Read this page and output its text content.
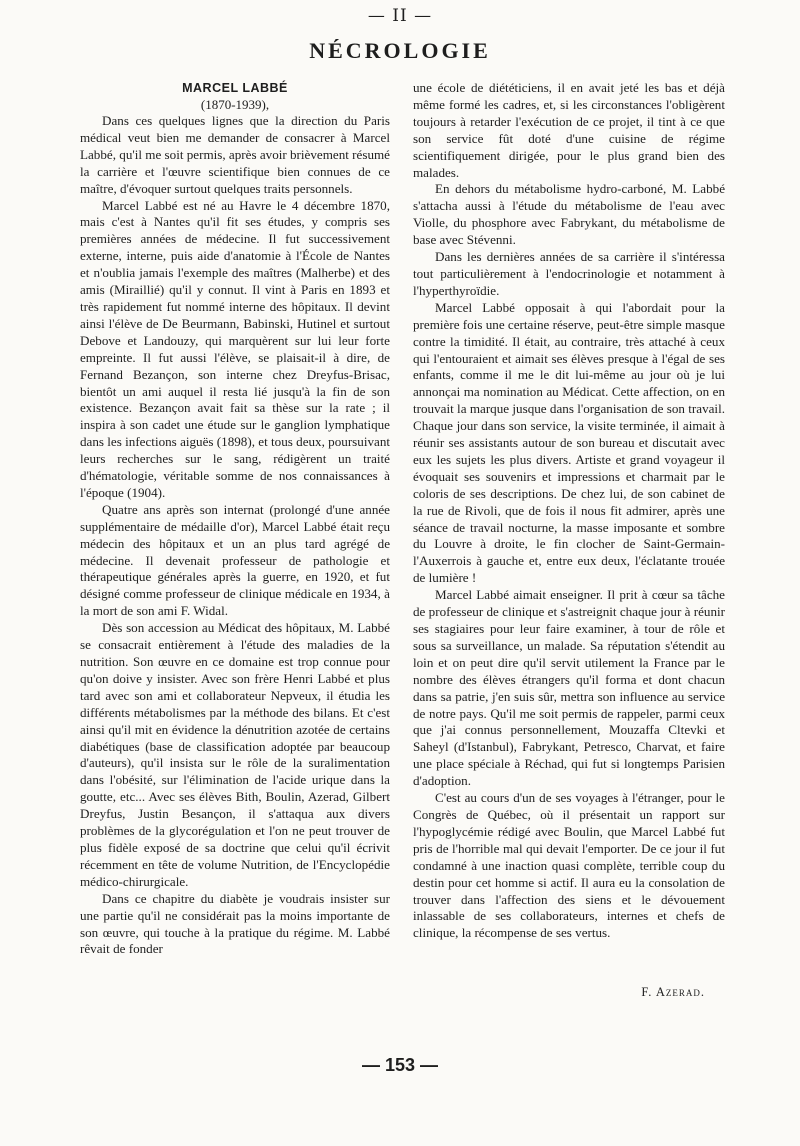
— II —
NÉCROLOGIE

MARCEL LABBÉ

(1870-1939),

Dans ces quelques lignes que la direction du Paris médical veut bien me demander de consacrer à Marcel Labbé, qu'il me soit permis, après avoir brièvement résumé la carrière et l'œuvre scientifique bien connues de ce maître, d'évoquer surtout quelques traits personnels.

Marcel Labbé est né au Havre le 4 décembre 1870, mais c'est à Nantes qu'il fit ses études, y compris ses premières années de médecine. Il fut successivement externe, interne, puis aide d'anatomie à l'École de Nantes et n'oublia jamais l'exemple des maîtres (Malherbe) et des amis (Miraillié) qu'il y connut. Il vint à Paris en 1893 et très rapidement fut nommé interne des hôpitaux. Il devint ainsi l'élève de De Beurmann, Babinski, Hutinel et surtout Debove et Landouzy, qui marquèrent sur lui leur forte empreinte. Il fut aussi l'élève, se plaisait-il à dire, de Fernand Bezançon, son interne chez Dreyfus-Brisac, bientôt un ami auquel il resta lié jusqu'à la fin de son existence. Bezançon avait fait sa thèse sur la rate ; il inspira à son cadet une étude sur le ganglion lymphatique dans les infections aiguës (1898), et tous deux, poursuivant leurs recherches sur le sang, rédigèrent un traité d'hématologie, véritable somme de nos connaissances à l'époque (1904).

Quatre ans après son internat (prolongé d'une année supplémentaire de médaille d'or), Marcel Labbé était reçu médecin des hôpitaux et un an plus tard agrégé de médecine. Il devenait professeur de pathologie et thérapeutique générales après la guerre, en 1920, et fut désigné comme professeur de clinique médicale en 1934, à la mort de son ami F. Widal.

Dès son accession au Médicat des hôpitaux, M. Labbé se consacrait entièrement à l'étude des maladies de la nutrition. Son œuvre en ce domaine est trop connue pour qu'on doive y insister. Avec son frère Henri Labbé et plus tard avec son ami et collaborateur Nepveux, il étudia les différents métabolismes par la méthode des bilans. Et c'est ainsi qu'il mit en évidence la dénutrition azotée de certains diabétiques (base de classification adoptée par beaucoup d'auteurs), qu'il insista sur le rôle de la suralimentation dans l'obésité, sur l'élimination de l'acide urique dans la goutte, etc... Avec ses élèves Bith, Boulin, Azerad, Gilbert Dreyfus, Justin Besançon, il s'attaqua aux divers problèmes de la glycorégulation et l'on ne peut trouver de plus fidèle exposé de sa doctrine que celui qu'il écrivit récemment en tête de volume Nutrition, de l'Encyclopédie médico-chirurgicale.

Dans ce chapitre du diabète je voudrais insister sur une partie qu'il ne considérait pas la moins importante de son œuvre, qui touche à la pratique du régime. M. Labbé rêvait de fonder

une école de diététiciens, il en avait jeté les bas et déjà même formé les cadres, et, si les circonstances l'obligèrent toujours à retarder l'exécution de ce projet, il tint à ce que son service fût doté d'une cuisine de régime scientifiquement dirigée, pour le plus grand bien des malades.

En dehors du métabolisme hydro-carboné, M. Labbé s'attacha aussi à l'étude du métabolisme de l'eau avec Violle, du phosphore avec Fabrykant, du métabolisme de base avec Stévenni.

Dans les dernières années de sa carrière il s'intéressa tout particulièrement à l'endocrinologie et notamment à l'hyperthyroïdie.

Marcel Labbé opposait à qui l'abordait pour la première fois une certaine réserve, peut-être simple masque contre la timidité. Il était, au contraire, très attaché à ceux qui l'entouraient et aimait ses élèves presque à l'égal de ses enfants, comme il me le dit lui-même au jour où je lui annonçai ma nomination au Médicat. Cette affection, on en trouvait la marque jusque dans l'organisation de son travail. Chaque jour dans son service, la visite terminée, il aimait à réunir ses assistants autour de son bureau et discutait avec eux les sujets les plus divers. Artiste et grand voyageur il évoquait ses souvenirs et impressions et charmait par le coloris de ses descriptions. De chez lui, de son cabinet de la rue de Rivoli, que de fois il nous fit admirer, après une séance de travail nocturne, la masse imposante et sombre du Louvre à droite, le fin clocher de Saint-Germain-l'Auxerrois à gauche et, entre eux deux, l'éclatante trouée de lumière !

Marcel Labbé aimait enseigner. Il prit à cœur sa tâche de professeur de clinique et s'astreignit chaque jour à réunir ses stagiaires pour leur faire examiner, à tour de rôle et sous sa surveillance, un malade. Sa réputation s'étendit au loin et on peut dire qu'il servit utilement la France par le nombre des élèves étrangers qu'il forma et dont chacun dans sa patrie, j'en suis sûr, mettra son influence au service de notre pays. Qu'il me soit permis de rappeler, parmi ceux que j'ai connus personnellement, Mouzaffa Cltevki et Saheyl (d'Istanbul), Fabrykant, Petresco, Charvat, et faire une place spéciale à Réchad, qui fut si longtemps Parisien d'adoption.

C'est au cours d'un de ses voyages à l'étranger, pour le Congrès de Québec, où il présentait un rapport sur l'hypoglycémie rédigé avec Boulin, que Marcel Labbé fut pris de l'horrible mal qui devait l'emporter. De ce jour il fut condamné à une inaction quasi complète, terrible coup du destin pour cet homme si actif. Il aura eu la consolation de trouver dans l'affection des siens et le dévouement inlassable de ses collaborateurs, internes et chefs de clinique, la récompense de ses vertus.

F. Azerad.
— 153 —
